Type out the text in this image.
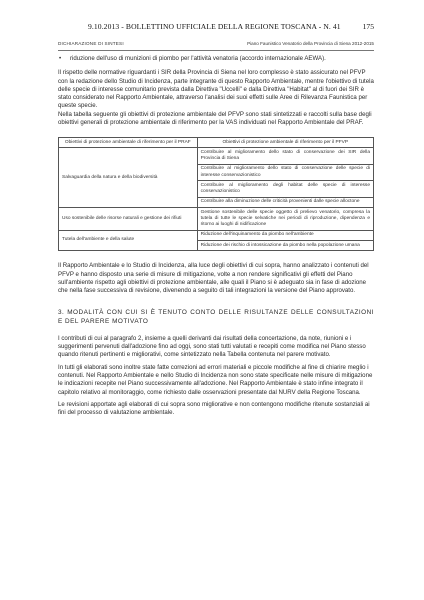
9.10.2013 - BOLLETTINO UFFICIALE DELLA REGIONE TOSCANA - N. 41	175
DICHIARAZIONE DI SINTESI	Piano Faunistico Venatorio della Provincia di Siena 2012-2015

• riduzione dell'uso di munizioni di piombo per l'attività venatoria (accordo internazionale AEWA).

Il rispetto delle normative riguardanti i SIR della Provincia di Siena nel loro complesso è stato assicurato nel PFVP con la redazione dello Studio di Incidenza, parte integrante di questo Rapporto Ambientale, mentre l'obiettivo di tutela delle specie di interesse comunitario prevista dalla Direttiva "Uccelli" e dalla Direttiva "Habitat" al di fuori dei SIR è stato considerato nel Rapporto Ambientale, attraverso l'analisi dei suoi effetti sulle Aree di Rilevanza Faunistica per queste specie.

Nella tabella seguente gli obiettivi di protezione ambientale del PFVP sono stati sintetizzati e raccolti sulla base degli obiettivi generali di protezione ambientale di riferimento per la VAS individuati nel Rapporto Ambientale del PRAF.

Obiettivi di protezione ambientale di riferimento per il PRAF	Obiettivi di protezione ambientale di riferimento per il PFVP
Salvaguardia della natura e della biodiversità	Contribuire al miglioramento dello stato di conservazione dei SIR della Provincia di Siena
	Contribuire al miglioramento dello stato di conservazione delle specie di interesse conservazionistico
	Contribuire al miglioramento degli habitat delle specie di interesse conservazionistico
	Contribuire alla diminuzione delle criticità provenienti dalle specie alloctone
Uso sostenibile delle risorse naturali e gestione dei rifiuti	Gestione sostenibile delle specie oggetto di prelievo venatorio, compresa la tutela di tutte le specie selvatiche nei periodi di riproduzione, dipendenza e ritorno ai luoghi di nidificazione
Tutela dell'ambiente e della salute	Riduzione dell'inquinamento da piombo nell'ambiente
	Riduzione dei rischio di intossicazione da piombo nella popolazione umana

Il Rapporto Ambientale e lo Studio di Incidenza, alla luce degli obiettivi di cui sopra, hanno analizzato i contenuti del PFVP e hanno disposto una serie di misure di mitigazione, volte a non rendere significativi gli effetti del Piano sull'ambiente rispetto agli obiettivi di protezione ambientale, alle quali il Piano si è adeguato sia in fase di adozione che nella fase successiva di revisione, divenendo a seguito di tali integrazioni la versione del Piano approvato.

3. MODALITÀ CON CUI SI È TENUTO CONTO DELLE RISULTANZE DELLE CONSULTAZIONI E DEL PARERE MOTIVATO

I contributi di cui al paragrafo 2, insieme a quelli derivanti dai risultati della concertazione, da note, riunioni e i suggerimenti pervenuti dall'adozione fino ad oggi, sono stati tutti valutati e recepiti come modifica nel Piano stesso quando ritenuti pertinenti e migliorativi, come sintetizzato nella Tabella contenuta nel parere motivato.

In tutti gli elaborati sono inoltre state fatte correzioni ad errori materiali e piccole modifiche al fine di chiarire meglio i contenuti. Nel Rapporto Ambientale e nello Studio di Incidenza non sono state specificate nelle misure di mitigazione le indicazioni recepite nel Piano successivamente all'adozione. Nel Rapporto Ambientale è stato infine integrato il capitolo relativo al monitoraggio, come richiesto dalle osservazioni presentate dal NURV della Regione Toscana.

Le revisioni apportate agli elaborati di cui sopra sono migliorative e non contengono modifiche ritenute sostanziali ai fini del processo di valutazione ambientale.
